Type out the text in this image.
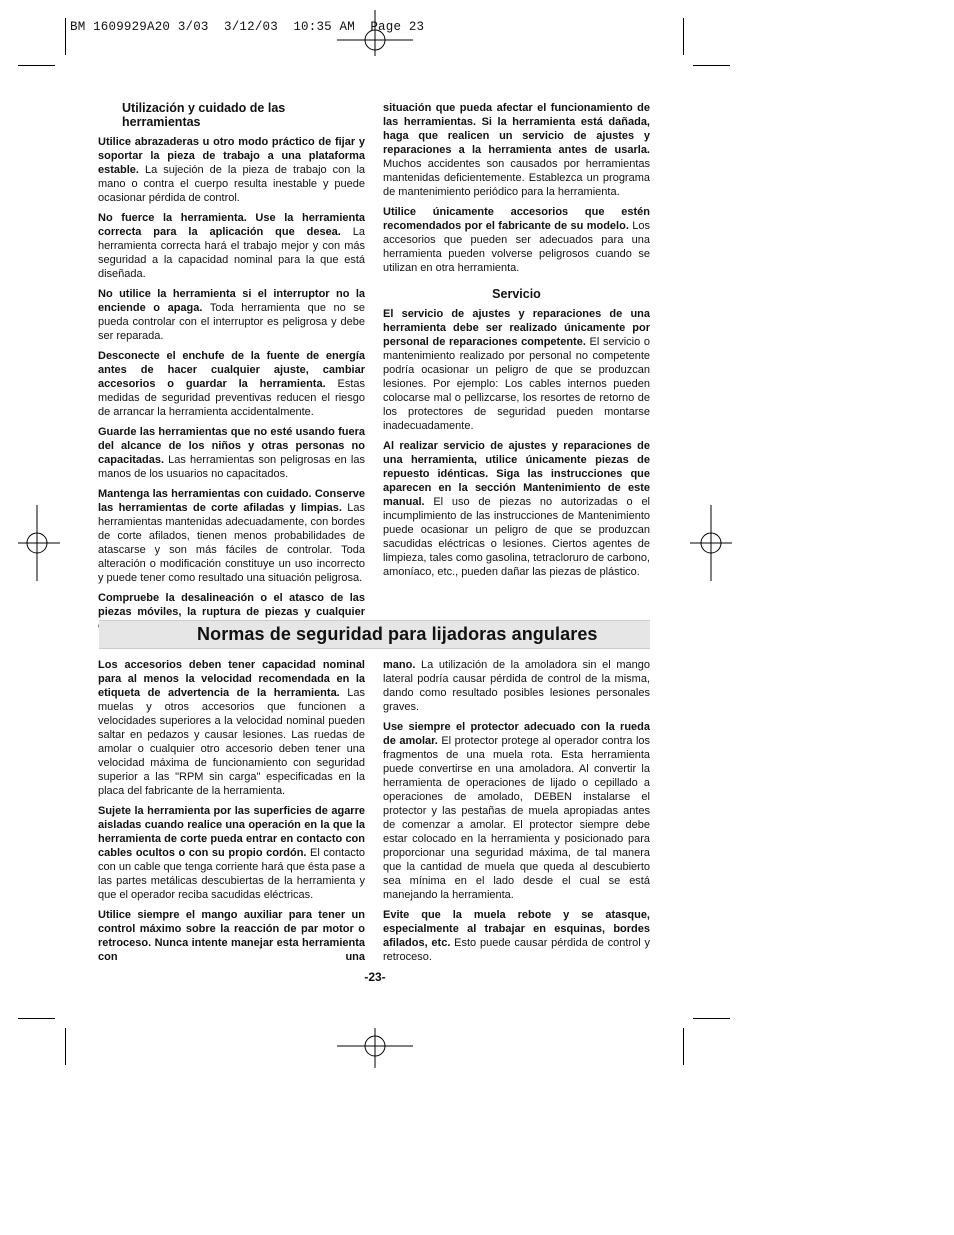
BM 1609929A20 3/03  3/12/03  10:35 AM  Page 23
Utilización y cuidado de las herramientas

Utilice abrazaderas u otro modo práctico de fijar y soportar la pieza de trabajo a una plataforma estable. La sujeción de la pieza de trabajo con la mano o contra el cuerpo resulta inestable y puede ocasionar pérdida de control.

No fuerce la herramienta. Use la herramienta correcta para la aplicación que desea. La herramienta correcta hará el trabajo mejor y con más seguridad a la capacidad nominal para la que está diseñada.

No utilice la herramienta si el interruptor no la enciende o apaga. Toda herramienta que no se pueda controlar con el interruptor es peligrosa y debe ser reparada.

Desconecte el enchufe de la fuente de energía antes de hacer cualquier ajuste, cambiar accesorios o guardar la herramienta. Estas medidas de seguridad preventivas reducen el riesgo de arrancar la herramienta accidentalmente.

Guarde las herramientas que no esté usando fuera del alcance de los niños y otras personas no capacitadas. Las herramientas son peligrosas en las manos de los usuarios no capacitados.

Mantenga las herramientas con cuidado. Conserve las herramientas de corte afiladas y limpias. Las herramientas mantenidas adecuadamente, con bordes de corte afilados, tienen menos probabilidades de atascarse y son más fáciles de controlar. Toda alteración o modificación constituye un uso incorrecto y puede tener como resultado una situación peligrosa.

Compruebe la desalineación o el atasco de las piezas móviles, la ruptura de piezas y cualquier

situación que pueda afectar el funcionamiento de las herramientas. Si la herramienta está dañada, haga que realicen un servicio de ajustes y reparaciones a la herramienta antes de usarla. Muchos accidentes son causados por herramientas mantenidas deficientemente. Establezca un programa de mantenimiento periódico para la herramienta.

Utilice únicamente accesorios que estén recomendados por el fabricante de su modelo. Los accesorios que pueden ser adecuados para una herramienta pueden volverse peligrosos cuando se utilizan en otra herramienta.

Servicio

El servicio de ajustes y reparaciones de una herramienta debe ser realizado únicamente por personal de reparaciones competente. El servicio o mantenimiento realizado por personal no competente podría ocasionar un peligro de que se produzcan lesiones. Por ejemplo: Los cables internos pueden colocarse mal o pellizcarse, los resortes de retorno de los protectores de seguridad pueden montarse inadecuadamente.

Al realizar servicio de ajustes y reparaciones de una herramienta, utilice únicamente piezas de repuesto idénticas. Siga las instrucciones que aparecen en la sección Mantenimiento de este manual. El uso de piezas no autorizadas o el incumplimiento de las instrucciones de Mantenimiento puede ocasionar un peligro de que se produzcan sacudidas eléctricas o lesiones. Ciertos agentes de limpieza, tales como gasolina, tetracloruro de carbono, amoníaco, etc., pueden dañar las piezas de plástico.

Normas de seguridad para lijadoras angulares

Los accesorios deben tener capacidad nominal para al menos la velocidad recomendada en la etiqueta de advertencia de la herramienta. Las muelas y otros accesorios que funcionen a velocidades superiores a la velocidad nominal pueden saltar en pedazos y causar lesiones. Las ruedas de amolar o cualquier otro accesorio deben tener una velocidad máxima de funcionamiento con seguridad superior a las "RPM sin carga" especificadas en la placa del fabricante de la herramienta.

Sujete la herramienta por las superficies de agarre aisladas cuando realice una operación en la que la herramienta de corte pueda entrar en contacto con cables ocultos o con su propio cordón. El contacto con un cable que tenga corriente hará que ésta pase a las partes metálicas descubiertas de la herramienta y que el operador reciba sacudidas eléctricas.

Utilice siempre el mango auxiliar para tener un control máximo sobre la reacción de par motor o retroceso. Nunca intente manejar esta herramienta con una

mano. La utilización de la amoladora sin el mango lateral podría causar pérdida de control de la misma, dando como resultado posibles lesiones personales graves.

Use siempre el protector adecuado con la rueda de amolar. El protector protege al operador contra los fragmentos de una muela rota. Esta herramienta puede convertirse en una amoladora. Al convertir la herramienta de operaciones de lijado o cepillado a operaciones de amolado, DEBEN instalarse el protector y las pestañas de muela apropiadas antes de comenzar a amolar. El protector siempre debe estar colocado en la herramienta y posicionado para proporcionar una seguridad máxima, de tal manera que la cantidad de muela que queda al descubierto sea mínima en el lado desde el cual se está manejando la herramienta.

Evite que la muela rebote y se atasque, especialmente al trabajar en esquinas, bordes afilados, etc. Esto puede causar pérdida de control y retroceso.

-23-
